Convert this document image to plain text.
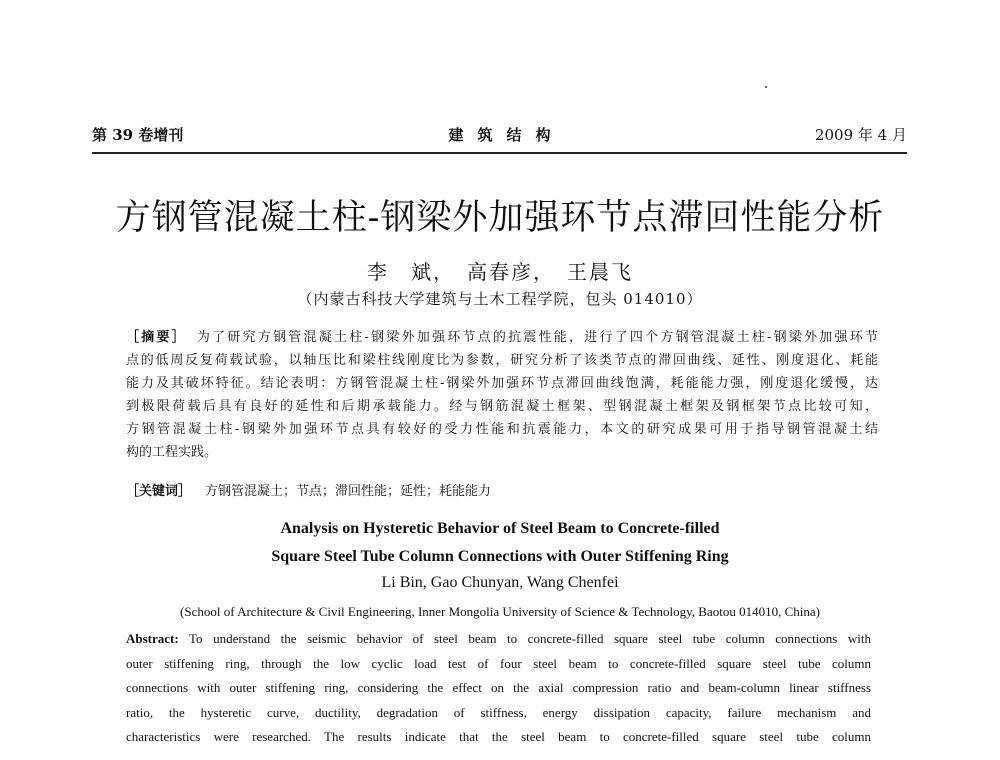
第 39 卷增刊	建筑结构	2009 年 4 月
方钢管混凝土柱-钢梁外加强环节点滞回性能分析
李　斌，　高春彦，　王晨飞
（内蒙古科技大学建筑与土木工程学院，包头 014010）
［摘要］ 为了研究方钢管混凝土柱-钢梁外加强环节点的抗震性能，进行了四个方钢管混凝土柱-钢梁外加强环节
点的低周反复荷载试验，以轴压比和梁柱线刚度比为参数，研究分析了该类节点的滞回曲线、延性、刚度退化、耗能
能力及其破坏特征。结论表明：方钢管混凝土柱-钢梁外加强环节点滞回曲线饱满，耗能能力强，刚度退化缓慢，达
到极限荷载后具有良好的延性和后期承载能力。经与钢筋混凝土框架、型钢混凝土框架及钢框架节点比较可知，
方钢管混凝土柱-钢梁外加强环节点具有较好的受力性能和抗震能力，本文的研究成果可用于指导钢管混凝土结
构的工程实践。
［关键词］ 方钢管混凝土；节点；滞回性能；延性；耗能能力
Analysis on Hysteretic Behavior of Steel Beam to Concrete-filled
Square Steel Tube Column Connections with Outer Stiffening Ring
Li Bin, Gao Chunyan, Wang Chenfei
(School of Architecture & Civil Engineering, Inner Mongolia University of Science & Technology, Baotou 014010, China)
Abstract: To understand the seismic behavior of steel beam to concrete-filled square steel tube column connections with
outer stiffening ring, through the low cyclic load test of four steel beam to concrete-filled square steel tube column
connections with outer stiffening ring, considering the effect on the axial compression ratio and beam-column linear stiffness
ratio, the hysteretic curve, ductility, degradation of stiffness, energy dissipation capacity, failure mechanism and
characteristics were researched. The results indicate that the steel beam to concrete-filled square steel tube column
